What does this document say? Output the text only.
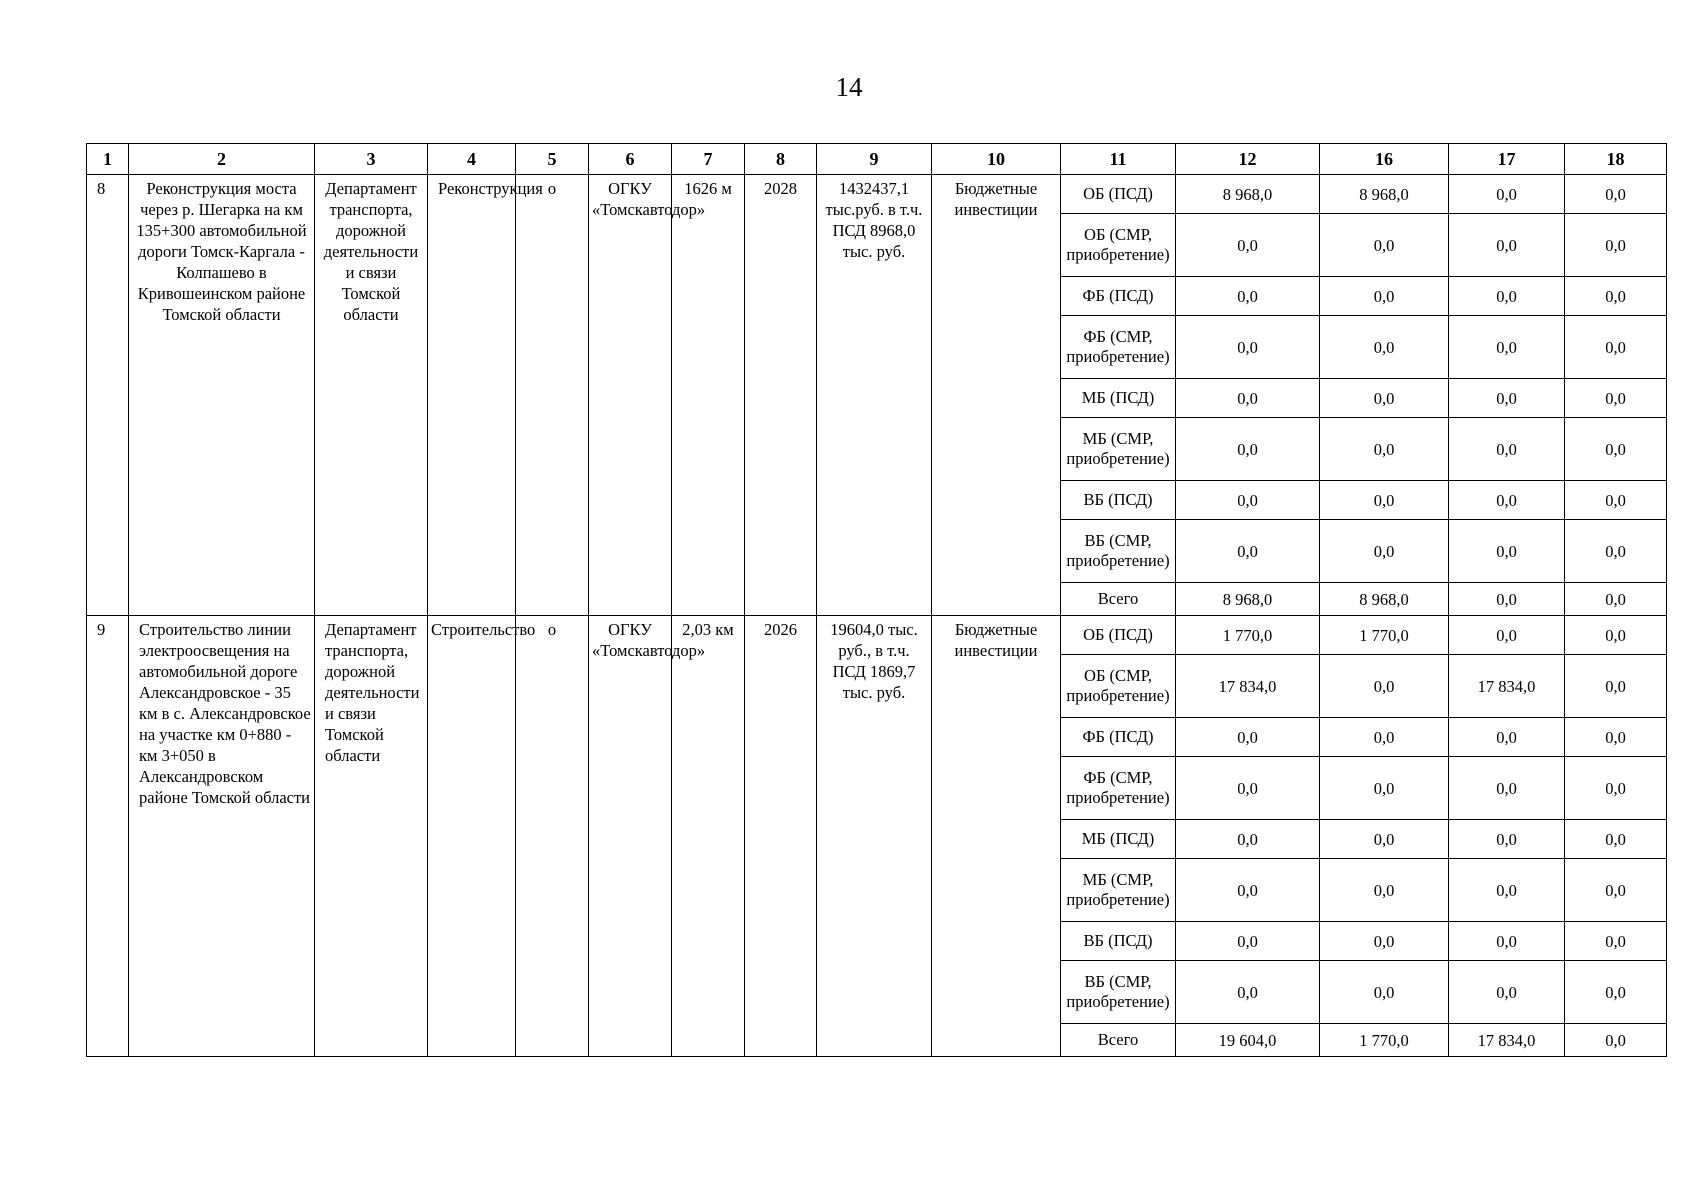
14
1	2	3	4	5	6	7	8	9	10	11	12	16	17	18
8	Реконструкция моста через р. Шегарка на км 135+300 автомобильной дороги Томск-Каргала - Колпашево в Кривошеинском районе Томской области	Департамент транспорта, дорожной деятельности и связи Томской области	Реконструкция	о	ОГКУ «Томскавтодор»	1626 м	2028	1432437,1 тыс.руб. в т.ч. ПСД 8968,0 тыс. руб.	Бюджетные инвестиции	ОБ (ПСД)	8 968,0	8 968,0	0,0	0,0
										ОБ (СМР, приобретение)	0,0	0,0	0,0	0,0
										ФБ (ПСД)	0,0	0,0	0,0	0,0
										ФБ (СМР, приобретение)	0,0	0,0	0,0	0,0
										МБ (ПСД)	0,0	0,0	0,0	0,0
										МБ (СМР, приобретение)	0,0	0,0	0,0	0,0
										ВБ (ПСД)	0,0	0,0	0,0	0,0
										ВБ (СМР, приобретение)	0,0	0,0	0,0	0,0
										Всего	8 968,0	8 968,0	0,0	0,0
9	Строительство линии электроосвещения на автомобильной дороге Александровское - 35 км в с. Александровское на участке км 0+880 - км 3+050 в Александровском районе Томской области	Департамент транспорта, дорожной деятельности и связи Томской области	Строительство	о	ОГКУ «Томскавтодор»	2,03 км	2026	19604,0 тыс. руб., в т.ч. ПСД 1869,7 тыс. руб.	Бюджетные инвестиции	ОБ (ПСД)	1 770,0	1 770,0	0,0	0,0
										ОБ (СМР, приобретение)	17 834,0	0,0	17 834,0	0,0
										ФБ (ПСД)	0,0	0,0	0,0	0,0
										ФБ (СМР, приобретение)	0,0	0,0	0,0	0,0
										МБ (ПСД)	0,0	0,0	0,0	0,0
										МБ (СМР, приобретение)	0,0	0,0	0,0	0,0
										ВБ (ПСД)	0,0	0,0	0,0	0,0
										ВБ (СМР, приобретение)	0,0	0,0	0,0	0,0
										Всего	19 604,0	1 770,0	17 834,0	0,0
